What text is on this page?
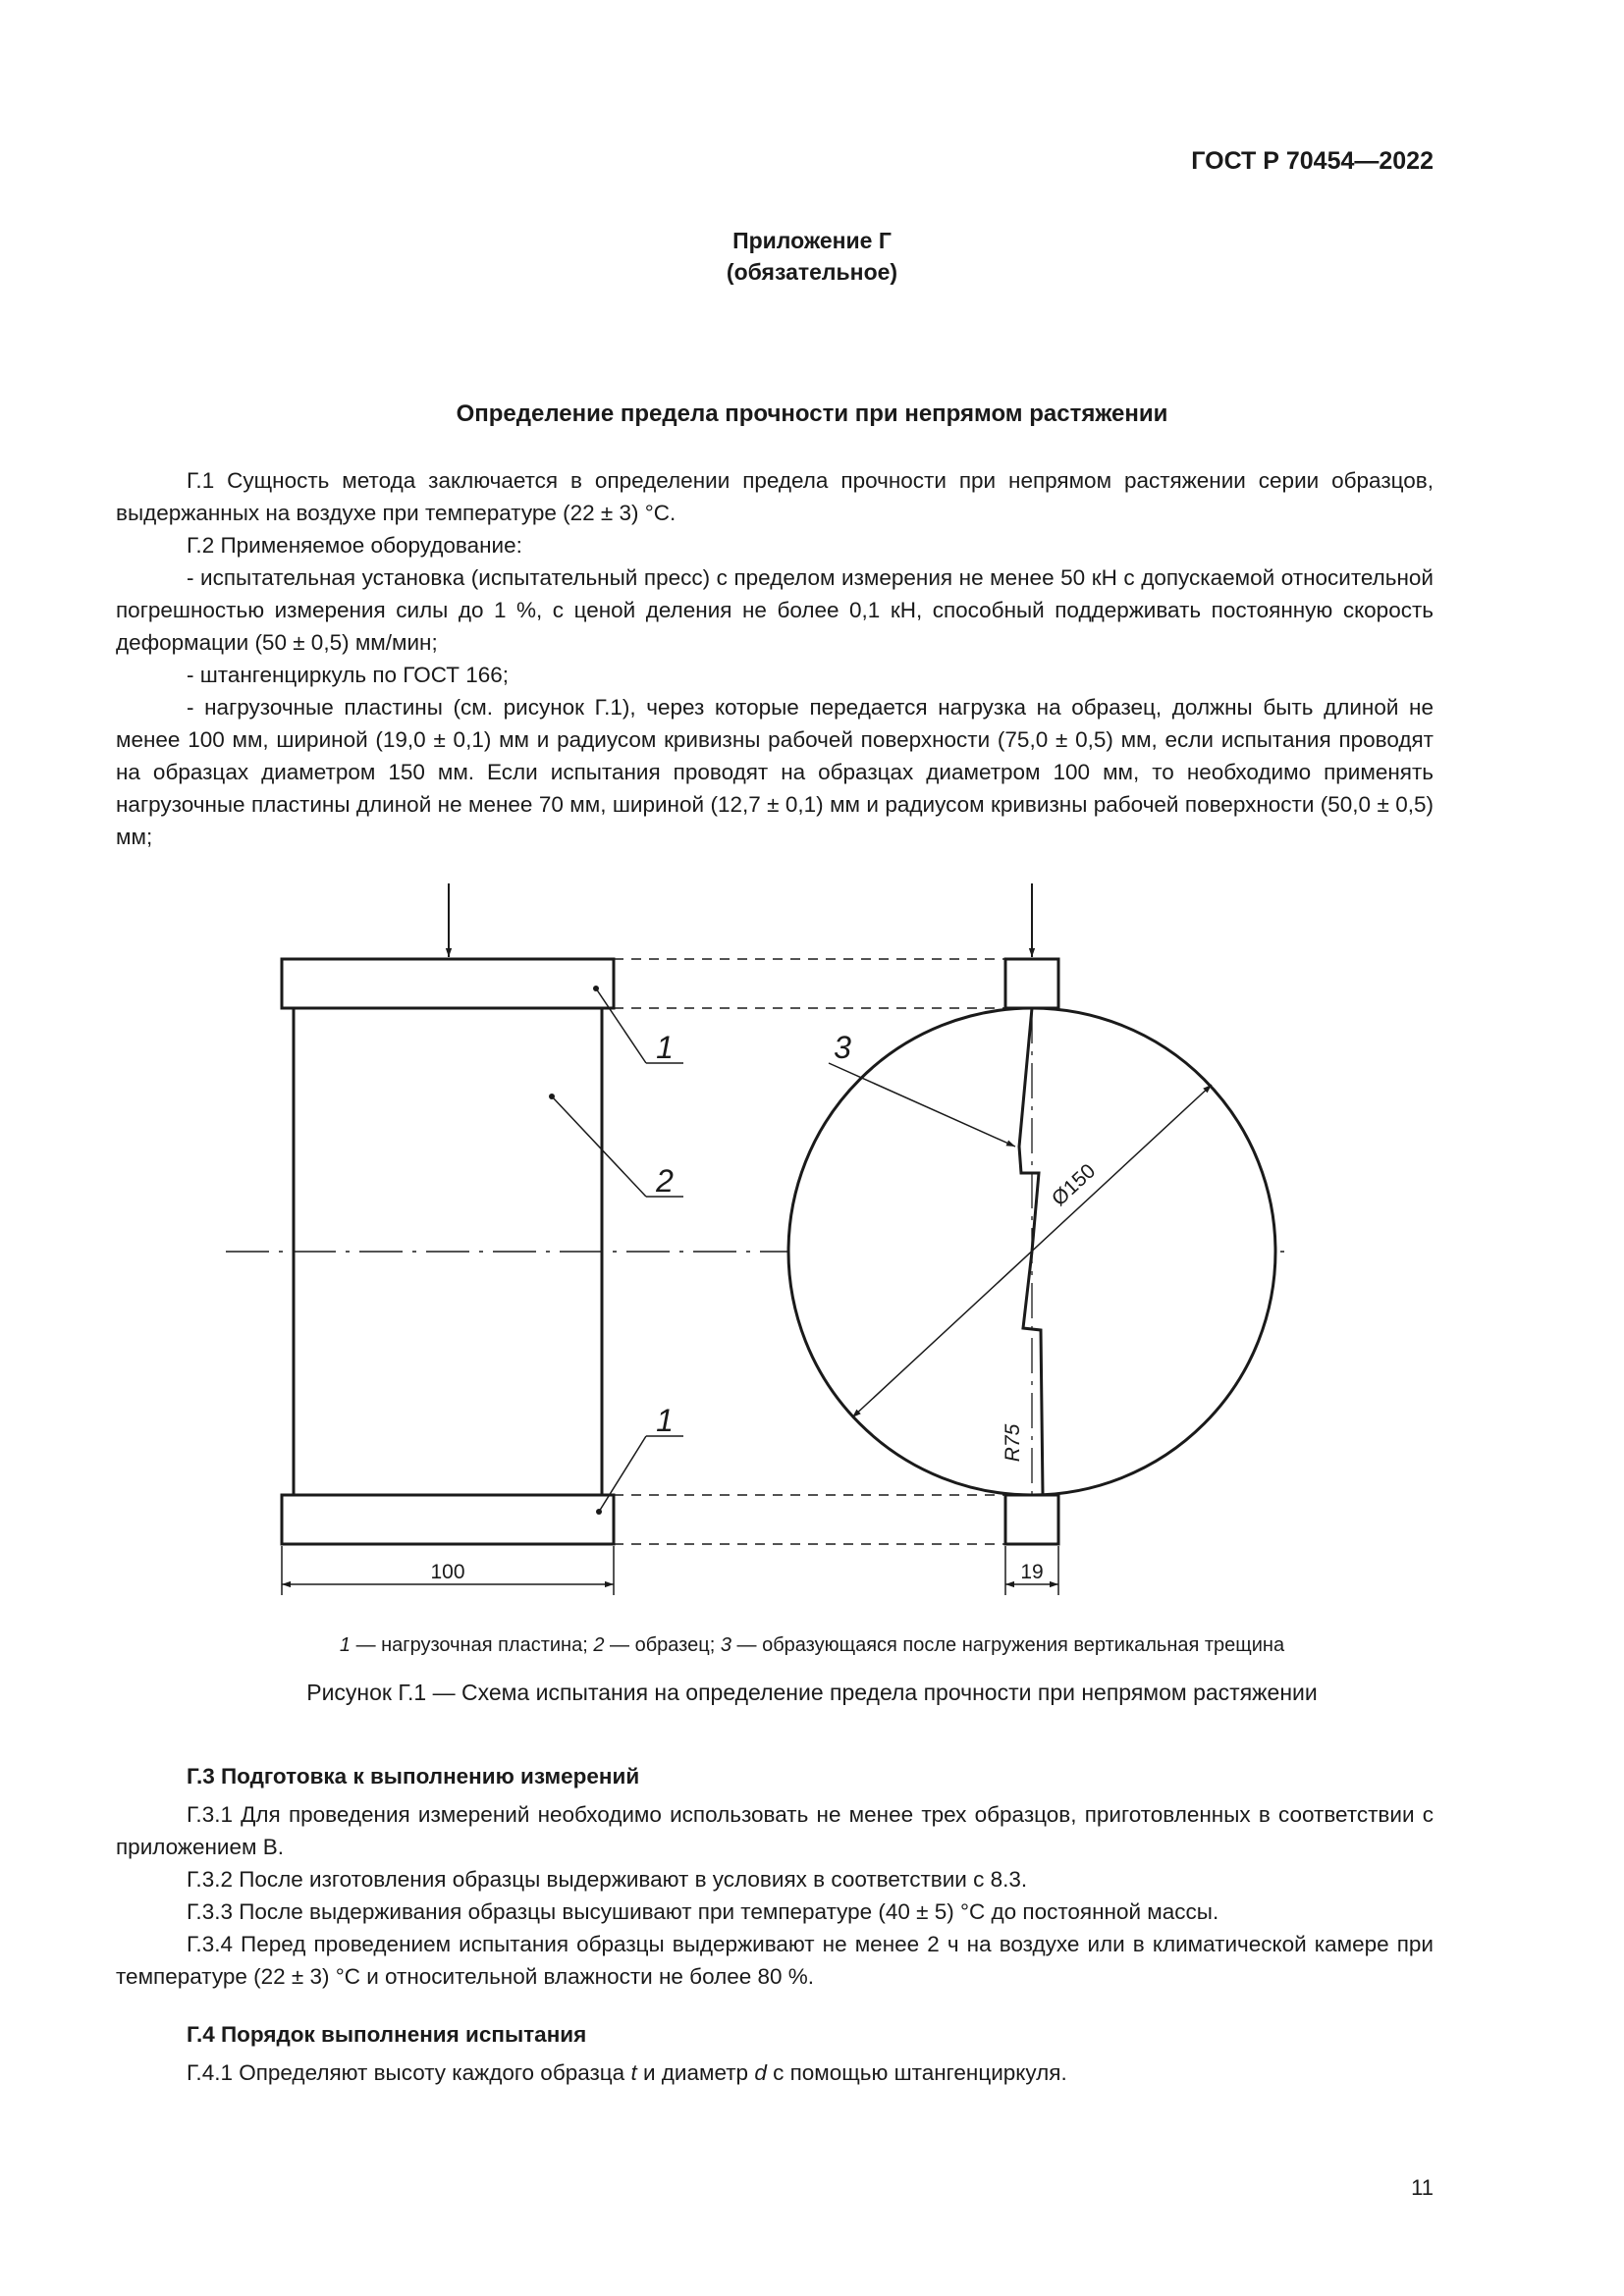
ГОСТ Р 70454—2022
Приложение Г
(обязательное)
Определение предела прочности при непрямом растяжении

Г.1 Сущность метода заключается в определении предела прочности при непрямом растяжении серии образцов, выдержанных на воздухе при температуре (22 ± 3) °С.

Г.2 Применяемое оборудование:

- испытательная установка (испытательный пресс) с пределом измерения не менее 50 кН с допускаемой относительной погрешностью измерения силы до 1 %, с ценой деления не более 0,1 кН, способный поддерживать постоянную скорость деформации (50 ± 0,5) мм/мин;

- штангенциркуль по ГОСТ 166;

- нагрузочные пластины (см. рисунок Г.1), через которые передается нагрузка на образец, должны быть длиной не менее 100 мм, шириной (19,0 ± 0,1) мм и радиусом кривизны рабочей поверхности (75,0 ± 0,5) мм, если испытания проводят на образцах диаметром 150 мм. Если испытания проводят на образцах диаметром 100 мм, то необходимо применять нагрузочные пластины длиной не менее 70 мм, шириной (12,7 ± 0,1) мм и радиусом кривизны рабочей поверхности (50,0 ± 0,5) мм;

1
2
3
1
100	19
Ø150
R75
1 — нагрузочная пластина; 2 — образец; 3 — образующаяся после нагружения вертикальная трещина
Рисунок Г.1 — Схема испытания на определение предела прочности при непрямом растяжении

Г.3 Подготовка к выполнению измерений

Г.3.1 Для проведения измерений необходимо использовать не менее трех образцов, приготовленных в соответствии с приложением В.

Г.3.2 После изготовления образцы выдерживают в условиях в соответствии с 8.3.

Г.3.3 После выдерживания образцы высушивают при температуре (40 ± 5) °С до постоянной массы.

Г.3.4 Перед проведением испытания образцы выдерживают не менее 2 ч на воздухе или в климатической камере при температуре (22 ± 3) °С и относительной влажности не более 80 %.

Г.4 Порядок выполнения испытания

Г.4.1 Определяют высоту каждого образца t и диаметр d с помощью штангенциркуля.

11
